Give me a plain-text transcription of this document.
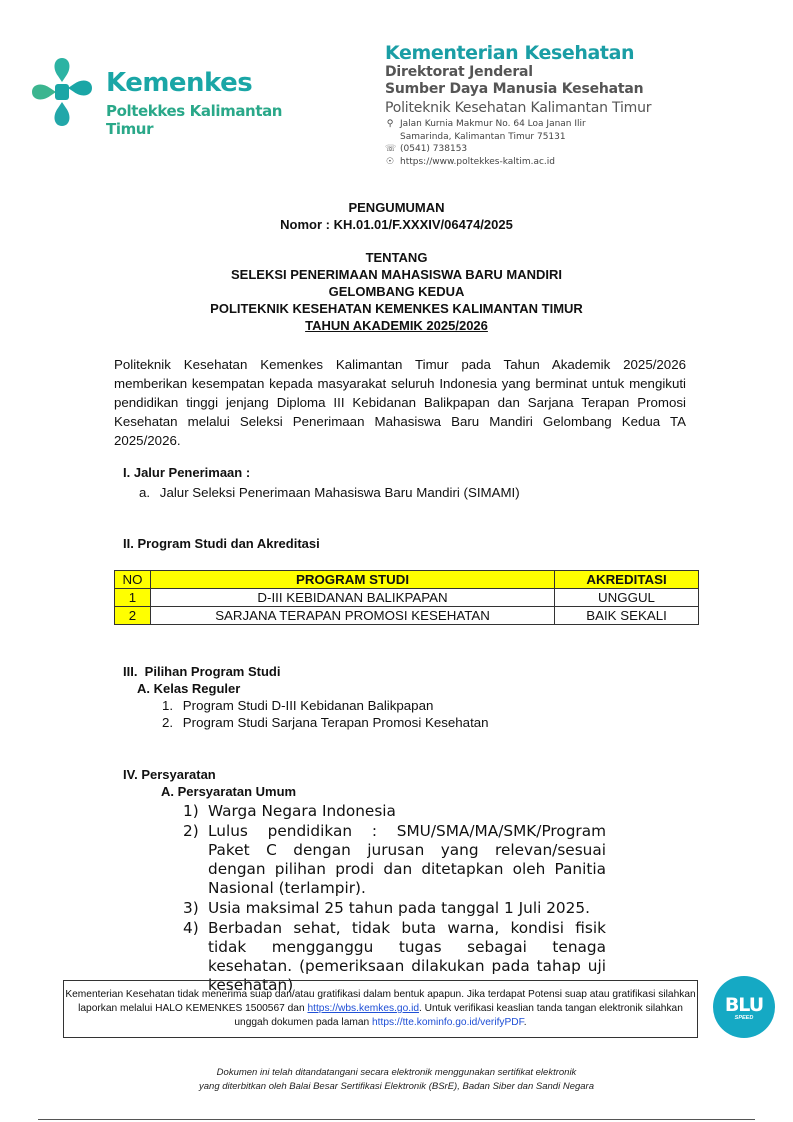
Kemenkes
Poltekkes Kalimantan Timur
Kementerian Kesehatan
Direktorat Jenderal
Sumber Daya Manusia Kesehatan
Politeknik Kesehatan Kalimantan Timur
⚲ Jalan Kurnia Makmur No. 64 Loa Janan Ilir
Samarinda, Kalimantan Timur 75131
☏ (0541) 738153
☉ https://www.poltekkes-kaltim.ac.id
PENGUMUMAN
Nomor : KH.01.01/F.XXXIV/06474/2025
TENTANG
SELEKSI PENERIMAAN MAHASISWA BARU MANDIRI
GELOMBANG KEDUA
POLITEKNIK KESEHATAN KEMENKES KALIMANTAN TIMUR
TAHUN AKADEMIK 2025/2026
Politeknik Kesehatan Kemenkes Kalimantan Timur pada Tahun Akademik 2025/2026 memberikan kesempatan kepada masyarakat seluruh Indonesia yang berminat untuk mengikuti pendidikan tinggi jenjang Diploma III Kebidanan Balikpapan dan Sarjana Terapan Promosi Kesehatan melalui Seleksi Penerimaan Mahasiswa Baru Mandiri Gelombang Kedua TA 2025/2026.
I. Jalur Penerimaan :
a. Jalur Seleksi Penerimaan Mahasiswa Baru Mandiri (SIMAMI)
II. Program Studi dan Akreditasi
NO	PROGRAM STUDI	AKREDITASI
1	D-III KEBIDANAN BALIKPAPAN	UNGGUL
2	SARJANA TERAPAN PROMOSI KESEHATAN	BAIK SEKALI
III.  Pilihan Program Studi
A. Kelas Reguler
1. Program Studi D-III Kebidanan Balikpapan
2. Program Studi Sarjana Terapan Promosi Kesehatan
IV. Persyaratan
A. Persyaratan Umum
1) Warga Negara Indonesia
2) Lulus pendidikan : SMU/SMA/MA/SMK/Program Paket C dengan jurusan yang relevan/sesuai dengan pilihan prodi dan ditetapkan oleh Panitia Nasional (terlampir).
3) Usia maksimal 25 tahun pada tanggal 1 Juli 2025.
4) Berbadan sehat, tidak buta warna, kondisi fisik tidak mengganggu tugas sebagai tenaga kesehatan. (pemeriksaan dilakukan pada tahap uji kesehatan)
Kementerian Kesehatan tidak menerima suap dan/atau gratifikasi dalam bentuk apapun. Jika terdapat Potensi suap atau gratifikasi silahkan laporkan melalui HALO KEMENKES 1500567 dan https://wbs.kemkes.go.id. Untuk verifikasi keaslian tanda tangan elektronik silahkan unggah dokumen pada laman https://tte.kominfo.go.id/verifyPDF.
BLU
SPEED
Dokumen ini telah ditandatangani secara elektronik menggunakan sertifikat elektronik
yang diterbitkan oleh Balai Besar Sertifikasi Elektronik (BSrE), Badan Siber dan Sandi Negara
